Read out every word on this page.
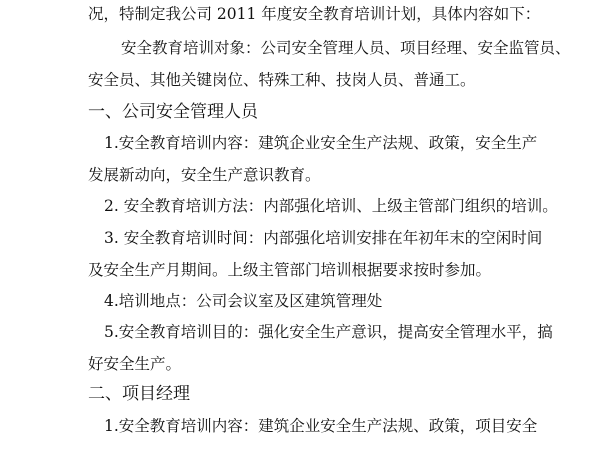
况，特制定我公司 2011 年度安全教育培训计划，具体内容如下：
安全教育培训对象：公司安全管理人员、项目经理、安全监管员、
安全员、其他关键岗位、特殊工种、技岗人员、普通工。
一、公司安全管理人员
1.安全教育培训内容：建筑企业安全生产法规、政策，安全生产
发展新动向，安全生产意识教育。
2. 安全教育培训方法：内部强化培训、上级主管部门组织的培训。
3. 安全教育培训时间：内部强化培训安排在年初年末的空闲时间
及安全生产月期间。上级主管部门培训根据要求按时参加。
4.培训地点：公司会议室及区建筑管理处
5.安全教育培训目的：强化安全生产意识，提高安全管理水平，搞
好安全生产。
二、项目经理
1.安全教育培训内容：建筑企业安全生产法规、政策，项目安全
